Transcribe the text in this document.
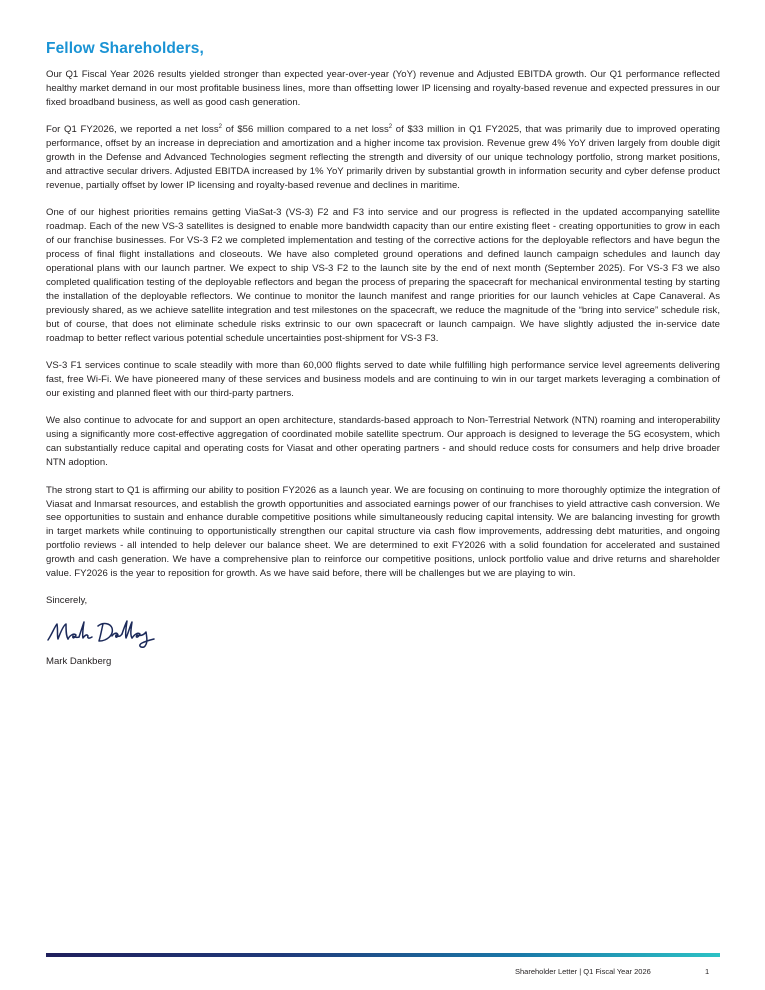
Fellow Shareholders,

Our Q1 Fiscal Year 2026 results yielded stronger than expected year-over-year (YoY) revenue and Adjusted EBITDA growth. Our Q1 performance reflected healthy market demand in our most profitable business lines, more than offsetting lower IP licensing and royalty-based revenue and expected pressures in our fixed broadband business, as well as good cash generation.

For Q1 FY2026, we reported a net loss$^2$ of $56 million compared to a net loss$^2$ of $33 million in Q1 FY2025, that was primarily due to improved operating performance, offset by an increase in depreciation and amortization and a higher income tax provision. Revenue grew 4% YoY driven largely from double digit growth in the Defense and Advanced Technologies segment reflecting the strength and diversity of our unique technology portfolio, strong market positions, and attractive secular drivers. Adjusted EBITDA increased by 1% YoY primarily driven by substantial growth in information security and cyber defense product revenue, partially offset by lower IP licensing and royalty-based revenue and declines in maritime.

One of our highest priorities remains getting ViaSat-3 (VS-3) F2 and F3 into service and our progress is reflected in the updated accompanying satellite roadmap. Each of the new VS-3 satellites is designed to enable more bandwidth capacity than our entire existing fleet - creating opportunities to grow in each of our franchise businesses. For VS-3 F2 we completed implementation and testing of the corrective actions for the deployable reflectors and have begun the process of final flight installations and closeouts. We have also completed ground operations and defined launch campaign schedules and launch day operational plans with our launch partner. We expect to ship VS-3 F2 to the launch site by the end of next month (September 2025). For VS-3 F3 we also completed qualification testing of the deployable reflectors and began the process of preparing the spacecraft for mechanical environmental testing by starting the installation of the deployable reflectors. We continue to monitor the launch manifest and range priorities for our launch vehicles at Cape Canaveral. As previously shared, as we achieve satellite integration and test milestones on the spacecraft, we reduce the magnitude of the “bring into service” schedule risk, but of course, that does not eliminate schedule risks extrinsic to our own spacecraft or launch campaign. We have slightly adjusted the in-service date roadmap to better reflect various potential schedule uncertainties post-shipment for VS-3 F3.

VS-3 F1 services continue to scale steadily with more than 60,000 flights served to date while fulfilling high performance service level agreements delivering fast, free Wi-Fi. We have pioneered many of these services and business models and are continuing to win in our target markets leveraging a combination of our existing and planned fleet with our third-party partners.

We also continue to advocate for and support an open architecture, standards-based approach to Non-Terrestrial Network (NTN) roaming and interoperability using a significantly more cost-effective aggregation of coordinated mobile satellite spectrum. Our approach is designed to leverage the 5G ecosystem, which can substantially reduce capital and operating costs for Viasat and other operating partners - and should reduce costs for consumers and help drive broader NTN adoption.

The strong start to Q1 is affirming our ability to position FY2026 as a launch year. We are focusing on continuing to more thoroughly optimize the integration of Viasat and Inmarsat resources, and establish the growth opportunities and associated earnings power of our franchises to yield attractive cash conversion. We see opportunities to sustain and enhance durable competitive positions while simultaneously reducing capital intensity. We are balancing investing for growth in target markets while continuing to opportunistically strengthen our capital structure via cash flow improvements, addressing debt maturities, and ongoing portfolio reviews - all intended to help delever our balance sheet. We are determined to exit FY2026 with a solid foundation for accelerated and sustained growth and cash generation. We have a comprehensive plan to reinforce our competitive positions, unlock portfolio value and drive returns and shareholder value. FY2026 is the year to reposition for growth. As we have said before, there will be challenges but we are playing to win.

Sincerely,

Mark Dankberg

Shareholder Letter | Q1 Fiscal Year 2026	1
